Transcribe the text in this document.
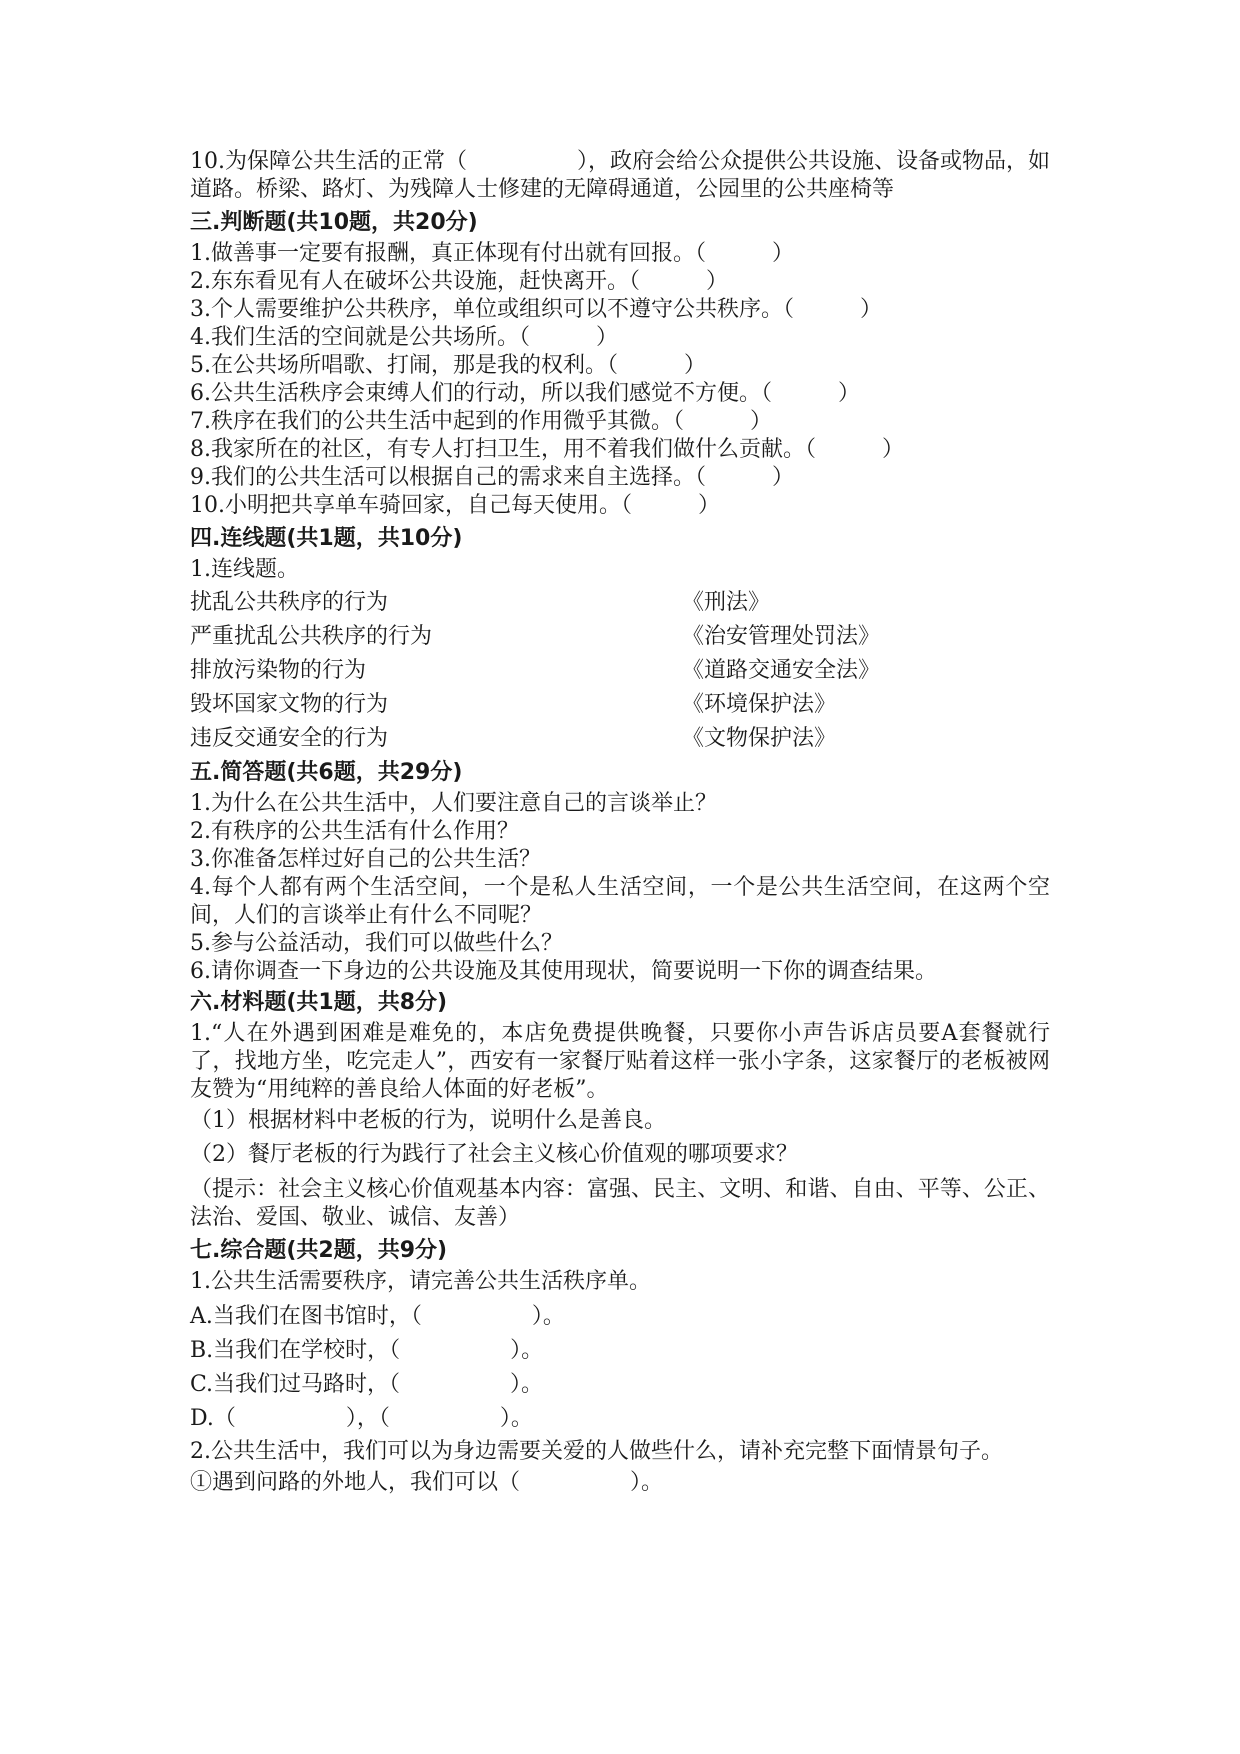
10.为保障公共生活的正常（　　　　　），政府会给公众提供公共设施、设备或物品，如道路。桥梁、路灯、为残障人士修建的无障碍通道，公园里的公共座椅等
三.判断题(共10题，共20分)
1.做善事一定要有报酬，真正体现有付出就有回报。（　　　）
2.东东看见有人在破坏公共设施，赶快离开。（　　　）
3.个人需要维护公共秩序，单位或组织可以不遵守公共秩序。（　　　）
4.我们生活的空间就是公共场所。（　　　）
5.在公共场所唱歌、打闹，那是我的权利。（　　　）
6.公共生活秩序会束缚人们的行动，所以我们感觉不方便。（　　　）
7.秩序在我们的公共生活中起到的作用微乎其微。（　　　）
8.我家所在的社区，有专人打扫卫生，用不着我们做什么贡献。（　　　）
9.我们的公共生活可以根据自己的需求来自主选择。（　　　）
10.小明把共享单车骑回家，自己每天使用。（　　　）
四.连线题(共1题，共10分)
1.连线题。
扰乱公共秩序的行为	《刑法》
严重扰乱公共秩序的行为	《治安管理处罚法》
排放污染物的行为	《道路交通安全法》
毁坏国家文物的行为	《环境保护法》
违反交通安全的行为	《文物保护法》
五.简答题(共6题，共29分)
1.为什么在公共生活中，人们要注意自己的言谈举止？
2.有秩序的公共生活有什么作用？
3.你准备怎样过好自己的公共生活？
4.每个人都有两个生活空间，一个是私人生活空间，一个是公共生活空间，在这两个空间，人们的言谈举止有什么不同呢？
5.参与公益活动，我们可以做些什么？
6.请你调查一下身边的公共设施及其使用现状，简要说明一下你的调查结果。
六.材料题(共1题，共8分)
1.“人在外遇到困难是难免的，本店免费提供晚餐，只要你小声告诉店员要A套餐就行了，找地方坐，吃完走人”，西安有一家餐厅贴着这样一张小字条，这家餐厅的老板被网友赞为“用纯粹的善良给人体面的好老板”。
（1）根据材料中老板的行为，说明什么是善良。
（2）餐厅老板的行为践行了社会主义核心价值观的哪项要求？
（提示：社会主义核心价值观基本内容：富强、民主、文明、和谐、自由、平等、公正、法治、爱国、敬业、诚信、友善）
七.综合题(共2题，共9分)
1.公共生活需要秩序，请完善公共生活秩序单。
A.当我们在图书馆时，（　　　　　）。
B.当我们在学校时，（　　　　　）。
C.当我们过马路时，（　　　　　）。
D.（　　　　　），（　　　　　）。
2.公共生活中，我们可以为身边需要关爱的人做些什么，请补充完整下面情景句子。
①遇到问路的外地人，我们可以（　　　　　）。
